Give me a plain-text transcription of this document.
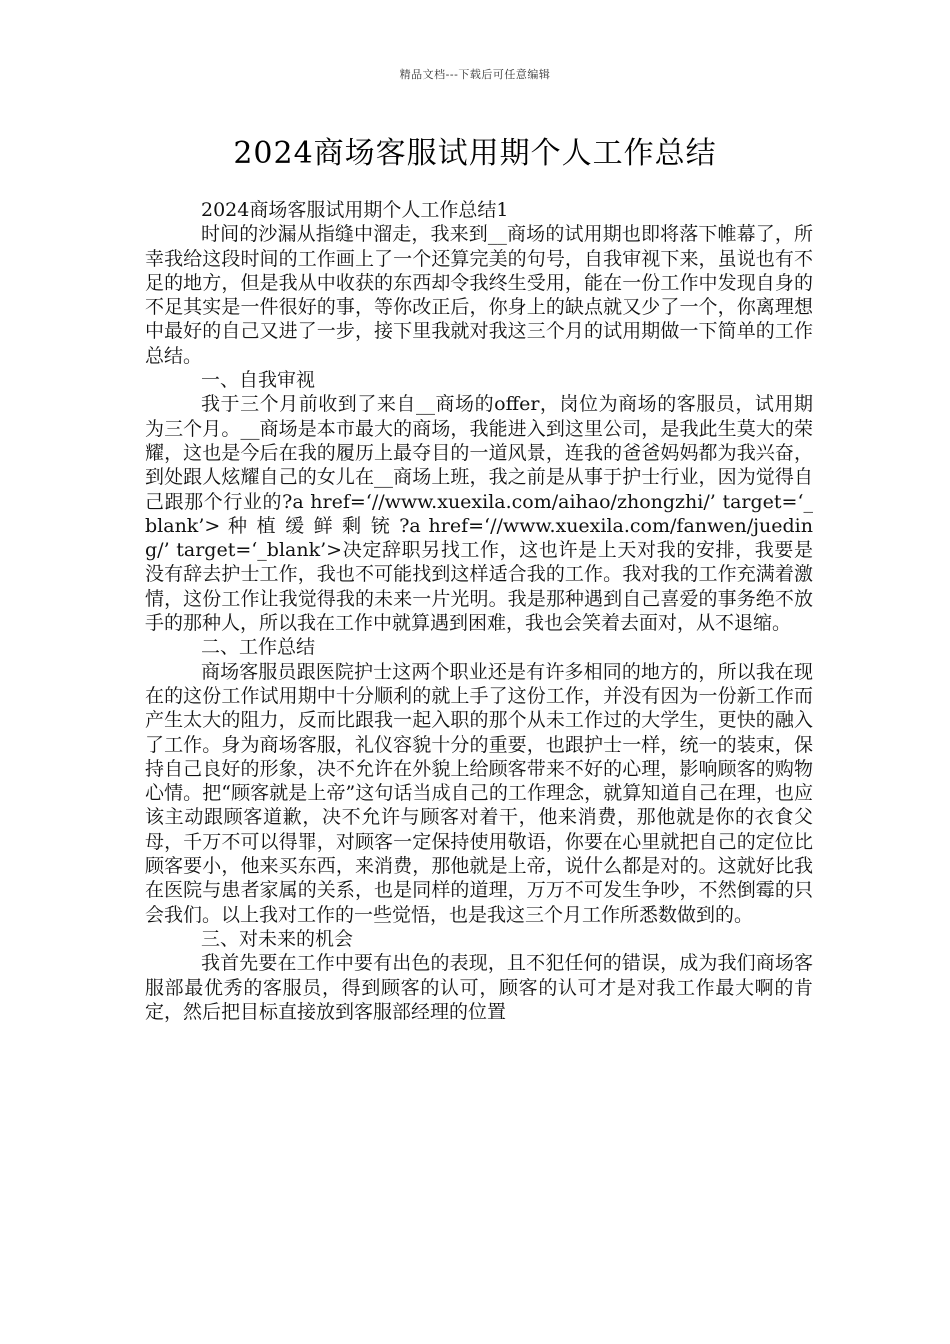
精品文档---下载后可任意编辑
2024商场客服试用期个人工作总结

2024商场客服试用期个人工作总结1

时间的沙漏从指缝中溜走，我来到__商场的试用期也即将落下帷幕了，所幸我给这段时间的工作画上了一个还算完美的句号，自我审视下来，虽说也有不足的地方，但是我从中收获的东西却令我终生受用，能在一份工作中发现自身的不足其实是一件很好的事，等你改正后，你身上的缺点就又少了一个，你离理想中最好的自己又进了一步，接下里我就对我这三个月的试用期做一下简单的工作总结。

一、自我审视

我于三个月前收到了来自__商场的offer，岗位为商场的客服员，试用期为三个月。__商场是本市最大的商场，我能进入到这里公司，是我此生莫大的荣耀，这也是今后在我的履历上最夺目的一道风景，连我的爸爸妈妈都为我兴奋，到处跟人炫耀自己的女儿在__商场上班，我之前是从事于护士行业，因为觉得自己跟那个行业的?a href=‘//www.xuexila.com/aihao/zhongzhi/’ target=‘_blank’> 种 植 缓 鲜 剩 铳 ?a href=‘//www.xuexila.com/fanwen/jueding/’ target=‘_blank’>决定辞职另找工作，这也许是上天对我的安排，我要是没有辞去护士工作，我也不可能找到这样适合我的工作。我对我的工作充满着激情，这份工作让我觉得我的未来一片光明。我是那种遇到自己喜爱的事务绝不放手的那种人，所以我在工作中就算遇到困难，我也会笑着去面对，从不退缩。

二、工作总结

商场客服员跟医院护士这两个职业还是有许多相同的地方的，所以我在现在的这份工作试用期中十分顺利的就上手了这份工作，并没有因为一份新工作而产生太大的阻力，反而比跟我一起入职的那个从未工作过的大学生，更快的融入了工作。身为商场客服，礼仪容貌十分的重要，也跟护士一样，统一的装束，保持自己良好的形象，决不允许在外貌上给顾客带来不好的心理，影响顾客的购物心情。把“顾客就是上帝”这句话当成自己的工作理念，就算知道自己在理，也应该主动跟顾客道歉，决不允许与顾客对着干，他来消费，那他就是你的衣食父母，千万不可以得罪，对顾客一定保持使用敬语，你要在心里就把自己的定位比顾客要小，他来买东西，来消费，那他就是上帝，说什么都是对的。这就好比我在医院与患者家属的关系，也是同样的道理，万万不可发生争吵，不然倒霉的只会我们。以上我对工作的一些觉悟，也是我这三个月工作所悉数做到的。

三、对未来的机会

我首先要在工作中要有出色的表现，且不犯任何的错误，成为我们商场客服部最优秀的客服员，得到顾客的认可，顾客的认可才是对我工作最大啊的肯定，然后把目标直接放到客服部经理的位置
